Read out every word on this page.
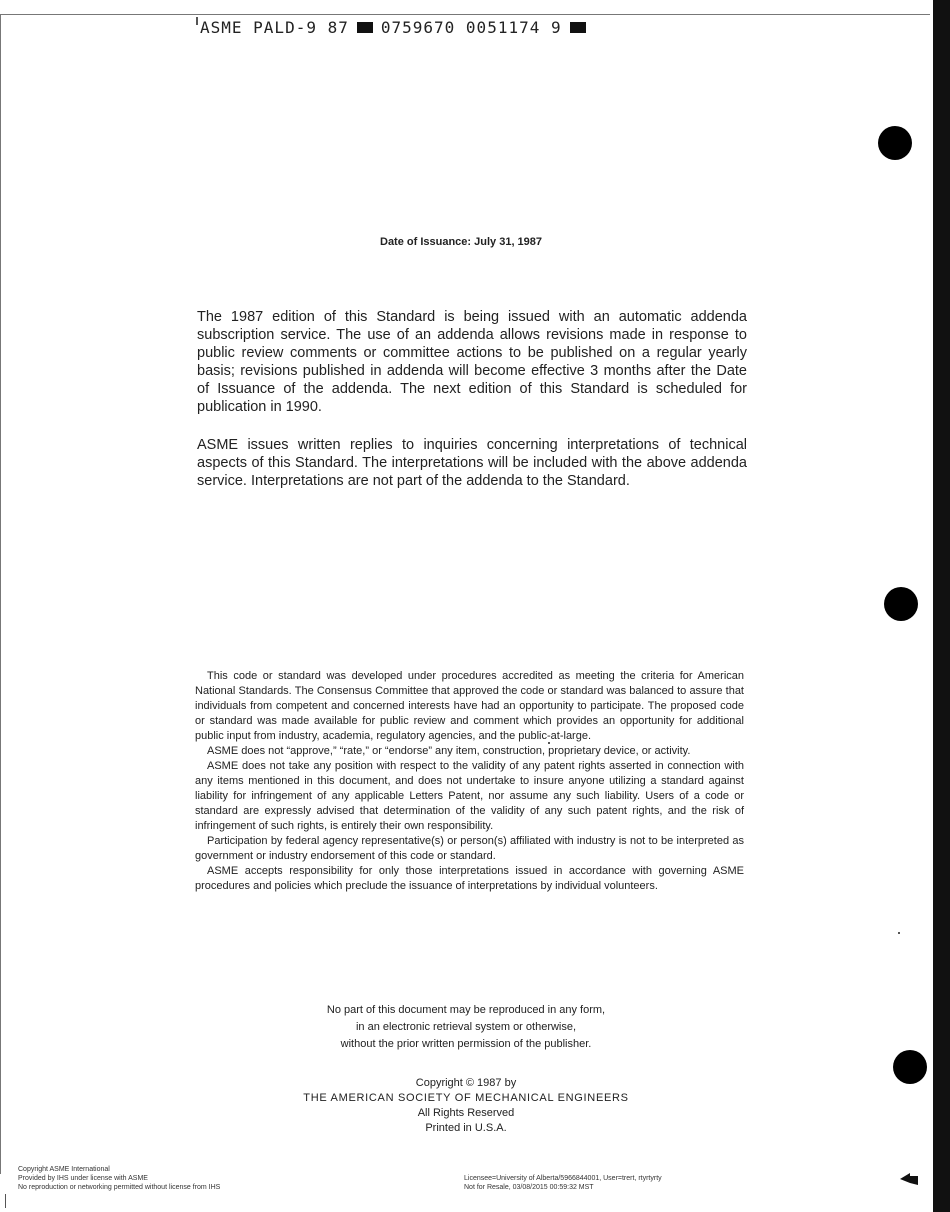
ASME PALD-9 87 0759670 0051174 9
Date of Issuance: July 31, 1987
The 1987 edition of this Standard is being issued with an automatic addenda subscription service. The use of an addenda allows revisions made in response to public review comments or committee actions to be published on a regular yearly basis; revisions published in addenda will become effective 3 months after the Date of Issuance of the addenda. The next edition of this Standard is scheduled for publication in 1990.
ASME issues written replies to inquiries concerning interpretations of technical aspects of this Standard. The interpretations will be included with the above addenda service. Interpretations are not part of the addenda to the Standard.

This code or standard was developed under procedures accredited as meeting the criteria for American National Standards. The Consensus Committee that approved the code or standard was balanced to assure that individuals from competent and concerned interests have had an opportunity to participate. The proposed code or standard was made available for public review and comment which provides an opportunity for additional public input from industry, academia, regulatory agencies, and the public-at-large.

ASME does not “approve,” “rate,” or “endorse” any item, construction, proprietary device, or activity.

ASME does not take any position with respect to the validity of any patent rights asserted in connection with any items mentioned in this document, and does not undertake to insure anyone utilizing a standard against liability for infringement of any applicable Letters Patent, nor assume any such liability. Users of a code or standard are expressly advised that determination of the validity of any such patent rights, and the risk of infringement of such rights, is entirely their own responsibility.

Participation by federal agency representative(s) or person(s) affiliated with industry is not to be interpreted as government or industry endorsement of this code or standard.

ASME accepts responsibility for only those interpretations issued in accordance with governing ASME procedures and policies which preclude the issuance of interpretations by individual volunteers.

No part of this document may be reproduced in any form,
in an electronic retrieval system or otherwise,
without the prior written permission of the publisher.
Copyright © 1987 by
THE AMERICAN SOCIETY OF MECHANICAL ENGINEERS
All Rights Reserved
Printed in U.S.A.
Copyright ASME International
Provided by IHS under license with ASME
No reproduction or networking permitted without license from IHS
Licensee=University of Alberta/5966844001, User=trert, rtyrtyrty
Not for Resale, 03/08/2015 00:59:32 MST
